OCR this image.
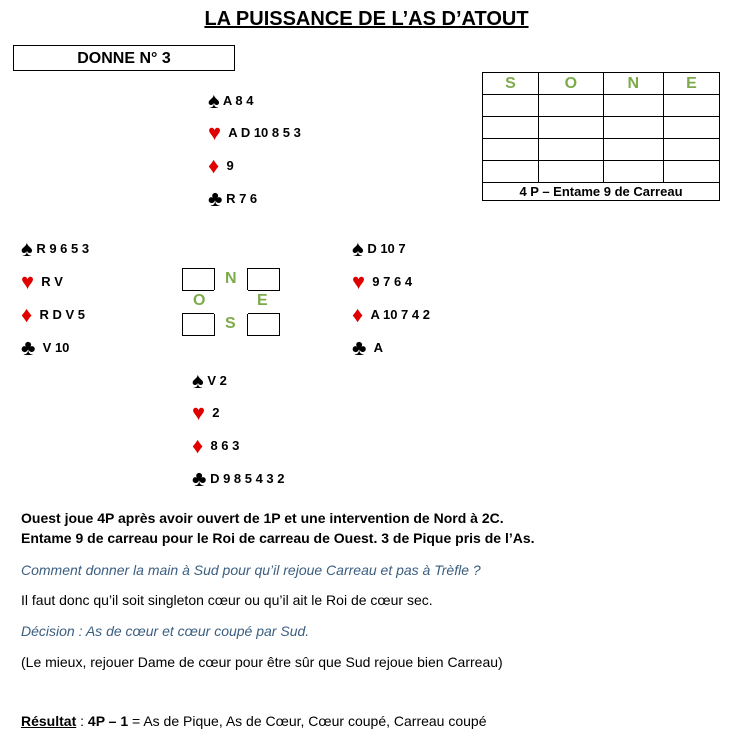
LA PUISSANCE DE L’AS D’ATOUT
DONNE N° 3
S	O	N	E

4 P – Entame 9 de Carreau			
♠ A 8 4
♥ A D 10 8 5 3
♦ 9
♣ R 7 6
♠ R 9 6 5 3
♥ R V
♦ R D V 5
♣ V 10
♠ D 10 7
♥ 9 7 6 4
♦ A 10 7 4 2
♣ A
♠ V 2
♥ 2
♦ 8 6 3
♣ D 9 8 5 4 3 2
N
O	E
S
Ouest joue 4P après avoir ouvert de 1P et une intervention de Nord à 2C.
Entame 9 de carreau pour le Roi de carreau de Ouest. 3 de Pique pris de l’As.
Comment donner la main à Sud pour qu’il rejoue Carreau et pas à Trèfle ?
Il faut donc qu’il soit singleton cœur ou qu’il ait le Roi de cœur sec.
Décision : As de cœur et cœur coupé par Sud.
(Le mieux, rejouer Dame de cœur pour être sûr que Sud rejoue bien Carreau)
Résultat : 4P – 1 = As de Pique, As de Cœur, Cœur coupé, Carreau coupé
